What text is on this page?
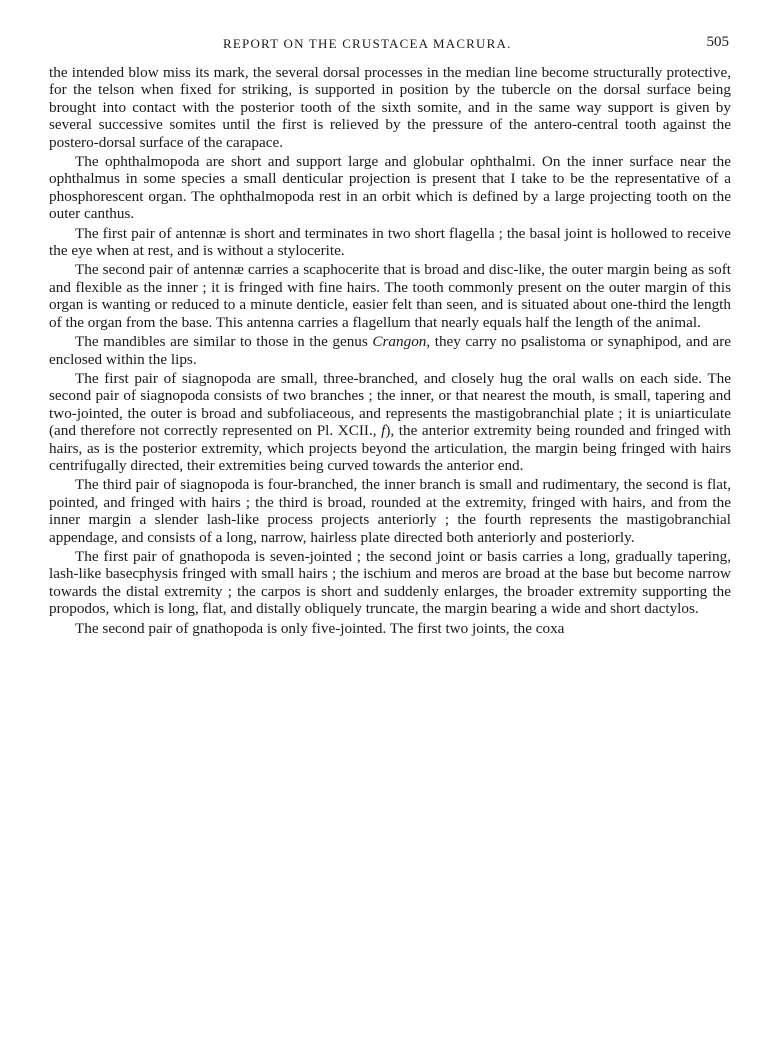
REPORT ON THE CRUSTACEA MACRURA.	505

the intended blow miss its mark, the several dorsal processes in the median line become structurally protective, for the telson when fixed for striking, is supported in position by the tubercle on the dorsal surface being brought into contact with the posterior tooth of the sixth somite, and in the same way support is given by several successive somites until the first is relieved by the pressure of the antero-central tooth against the postero-dorsal surface of the carapace.

The ophthalmopoda are short and support large and globular ophthalmi. On the inner surface near the ophthalmus in some species a small denticular projection is present that I take to be the representative of a phosphorescent organ. The ophthalmopoda rest in an orbit which is defined by a large projecting tooth on the outer canthus.

The first pair of antennæ is short and terminates in two short flagella ; the basal joint is hollowed to receive the eye when at rest, and is without a stylocerite.

The second pair of antennæ carries a scaphocerite that is broad and disc-like, the outer margin being as soft and flexible as the inner ; it is fringed with fine hairs. The tooth commonly present on the outer margin of this organ is wanting or reduced to a minute denticle, easier felt than seen, and is situated about one-third the length of the organ from the base. This antenna carries a flagellum that nearly equals half the length of the animal.

The mandibles are similar to those in the genus Crangon, they carry no psalistoma or synaphipod, and are enclosed within the lips.

The first pair of siagnopoda are small, three-branched, and closely hug the oral walls on each side. The second pair of siagnopoda consists of two branches ; the inner, or that nearest the mouth, is small, tapering and two-jointed, the outer is broad and subfoliaceous, and represents the mastigobranchial plate ; it is uniarticulate (and therefore not correctly represented on Pl. XCII., f), the anterior extremity being rounded and fringed with hairs, as is the posterior extremity, which projects beyond the articulation, the margin being fringed with hairs centrifugally directed, their extremities being curved towards the anterior end.

The third pair of siagnopoda is four-branched, the inner branch is small and rudimentary, the second is flat, pointed, and fringed with hairs ; the third is broad, rounded at the extremity, fringed with hairs, and from the inner margin a slender lash-like process projects anteriorly ; the fourth represents the mastigobranchial appendage, and consists of a long, narrow, hairless plate directed both anteriorly and posteriorly.

The first pair of gnathopoda is seven-jointed ; the second joint or basis carries a long, gradually tapering, lash-like basecphysis fringed with small hairs ; the ischium and meros are broad at the base but become narrow towards the distal extremity ; the carpos is short and suddenly enlarges, the broader extremity supporting the propodos, which is long, flat, and distally obliquely truncate, the margin bearing a wide and short dactylos.

The second pair of gnathopoda is only five-jointed. The first two joints, the coxa
